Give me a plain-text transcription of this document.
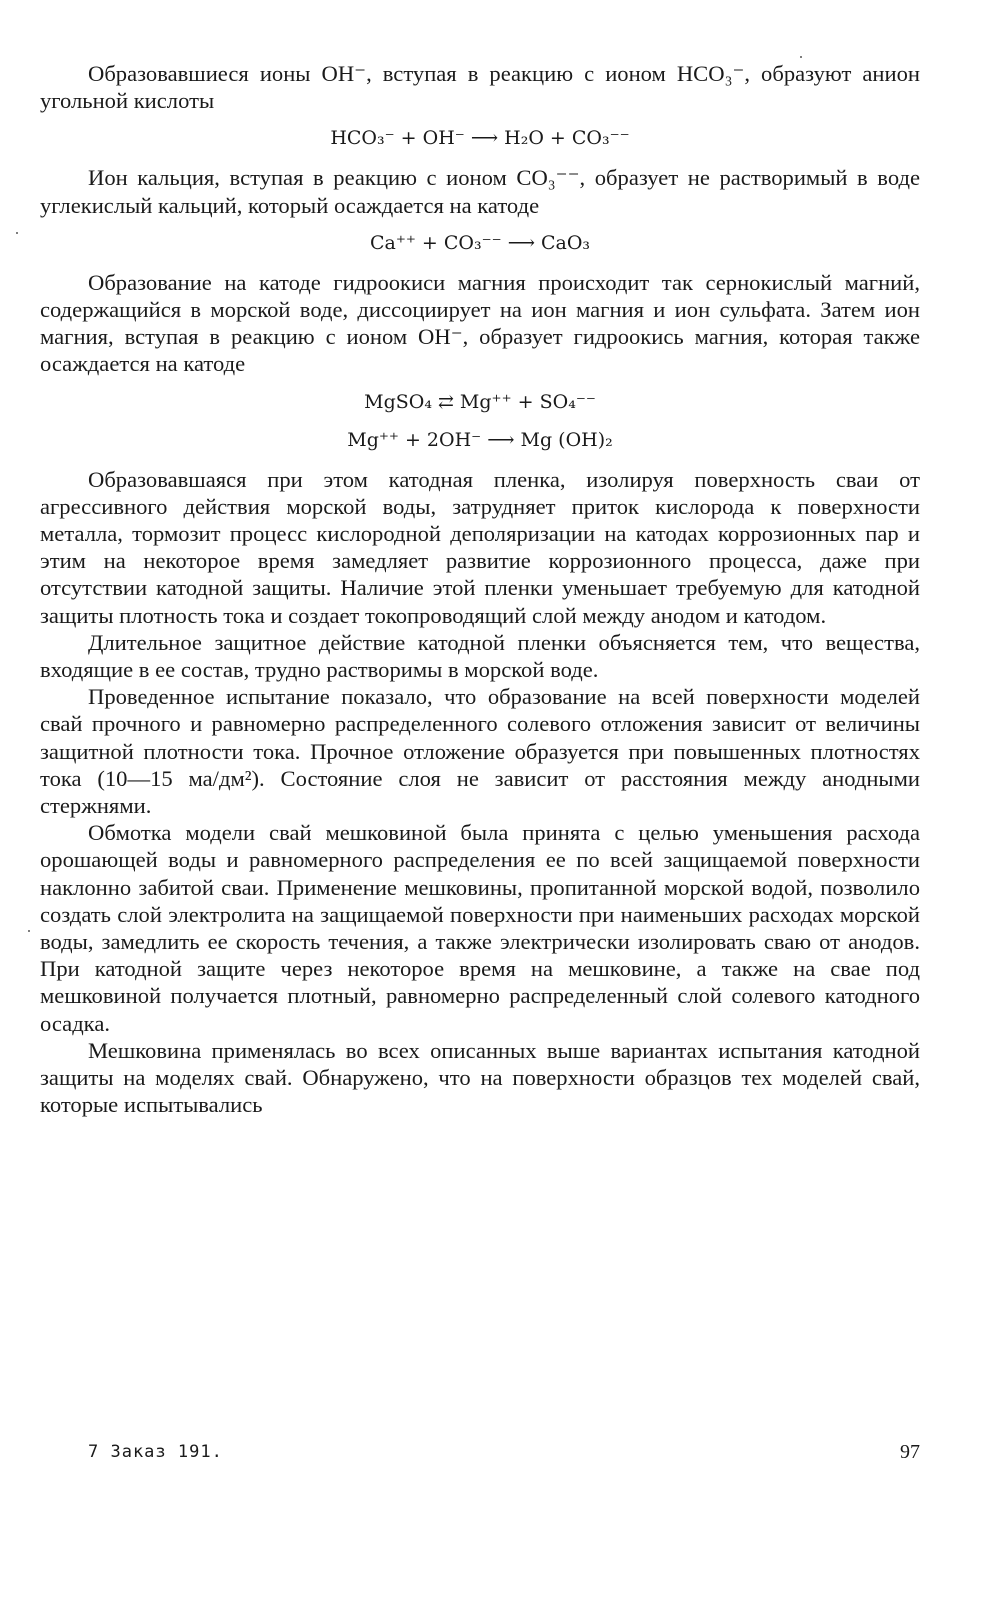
Образовавшиеся ионы OH⁻, вступая в реакцию с ионом HCO₃⁻, образуют анион угольной кислоты

HCO₃⁻ + OH⁻ ⟶ H₂O + CO₃⁻⁻

Ион кальция, вступая в реакцию с ионом CO₃⁻⁻, образует не растворимый в воде углекислый кальций, который осаждается на катоде

Ca⁺⁺ + CO₃⁻⁻ ⟶ CaO₃

Образование на катоде гидроокиси магния происходит так сернокислый магний, содержащийся в морской воде, диссоциирует на ион магния и ион сульфата. Затем ион магния, вступая в реакцию с ионом OH⁻, образует гидроокись магния, которая также осаждается на катоде

MgSO₄ ⇄ Mg⁺⁺ + SO₄⁻⁻
Mg⁺⁺ + 2OH⁻ ⟶ Mg (OH)₂

Образовавшаяся при этом катодная пленка, изолируя поверхность сваи от агрессивного действия морской воды, затрудняет приток кислорода к поверхности металла, тормозит процесс кислородной деполяризации на катодах коррозионных пар и этим на некоторое время замедляет развитие коррозионного процесса, даже при отсутствии катодной защиты. Наличие этой пленки уменьшает требуемую для катодной защиты плотность тока и создает токопроводящий слой между анодом и катодом.

Длительное защитное действие катодной пленки объясняется тем, что вещества, входящие в ее состав, трудно растворимы в морской воде.

Проведенное испытание показало, что образование на всей поверхности моделей свай прочного и равномерно распределенного солевого отложения зависит от величины защитной плотности тока. Прочное отложение образуется при повышенных плотностях тока (10—15 ма/дм²). Состояние слоя не зависит от расстояния между анодными стержнями.

Обмотка модели свай мешковиной была принята с целью уменьшения расхода орошающей воды и равномерного распределения ее по всей защищаемой поверхности наклонно забитой сваи. Применение мешковины, пропитанной морской водой, позволило создать слой электролита на защищаемой поверхности при наименьших расходах морской воды, замедлить ее скорость течения, а также электрически изолировать сваю от анодов. При катодной защите через некоторое время на мешковине, а также на свае под мешковиной получается плотный, равномерно распределенный слой солевого катодного осадка.

Мешковина применялась во всех описанных выше вариантах испытания катодной защиты на моделях свай. Обнаружено, что на поверхности образцов тех моделей свай, которые испытывались

7 Заказ 191.	97
